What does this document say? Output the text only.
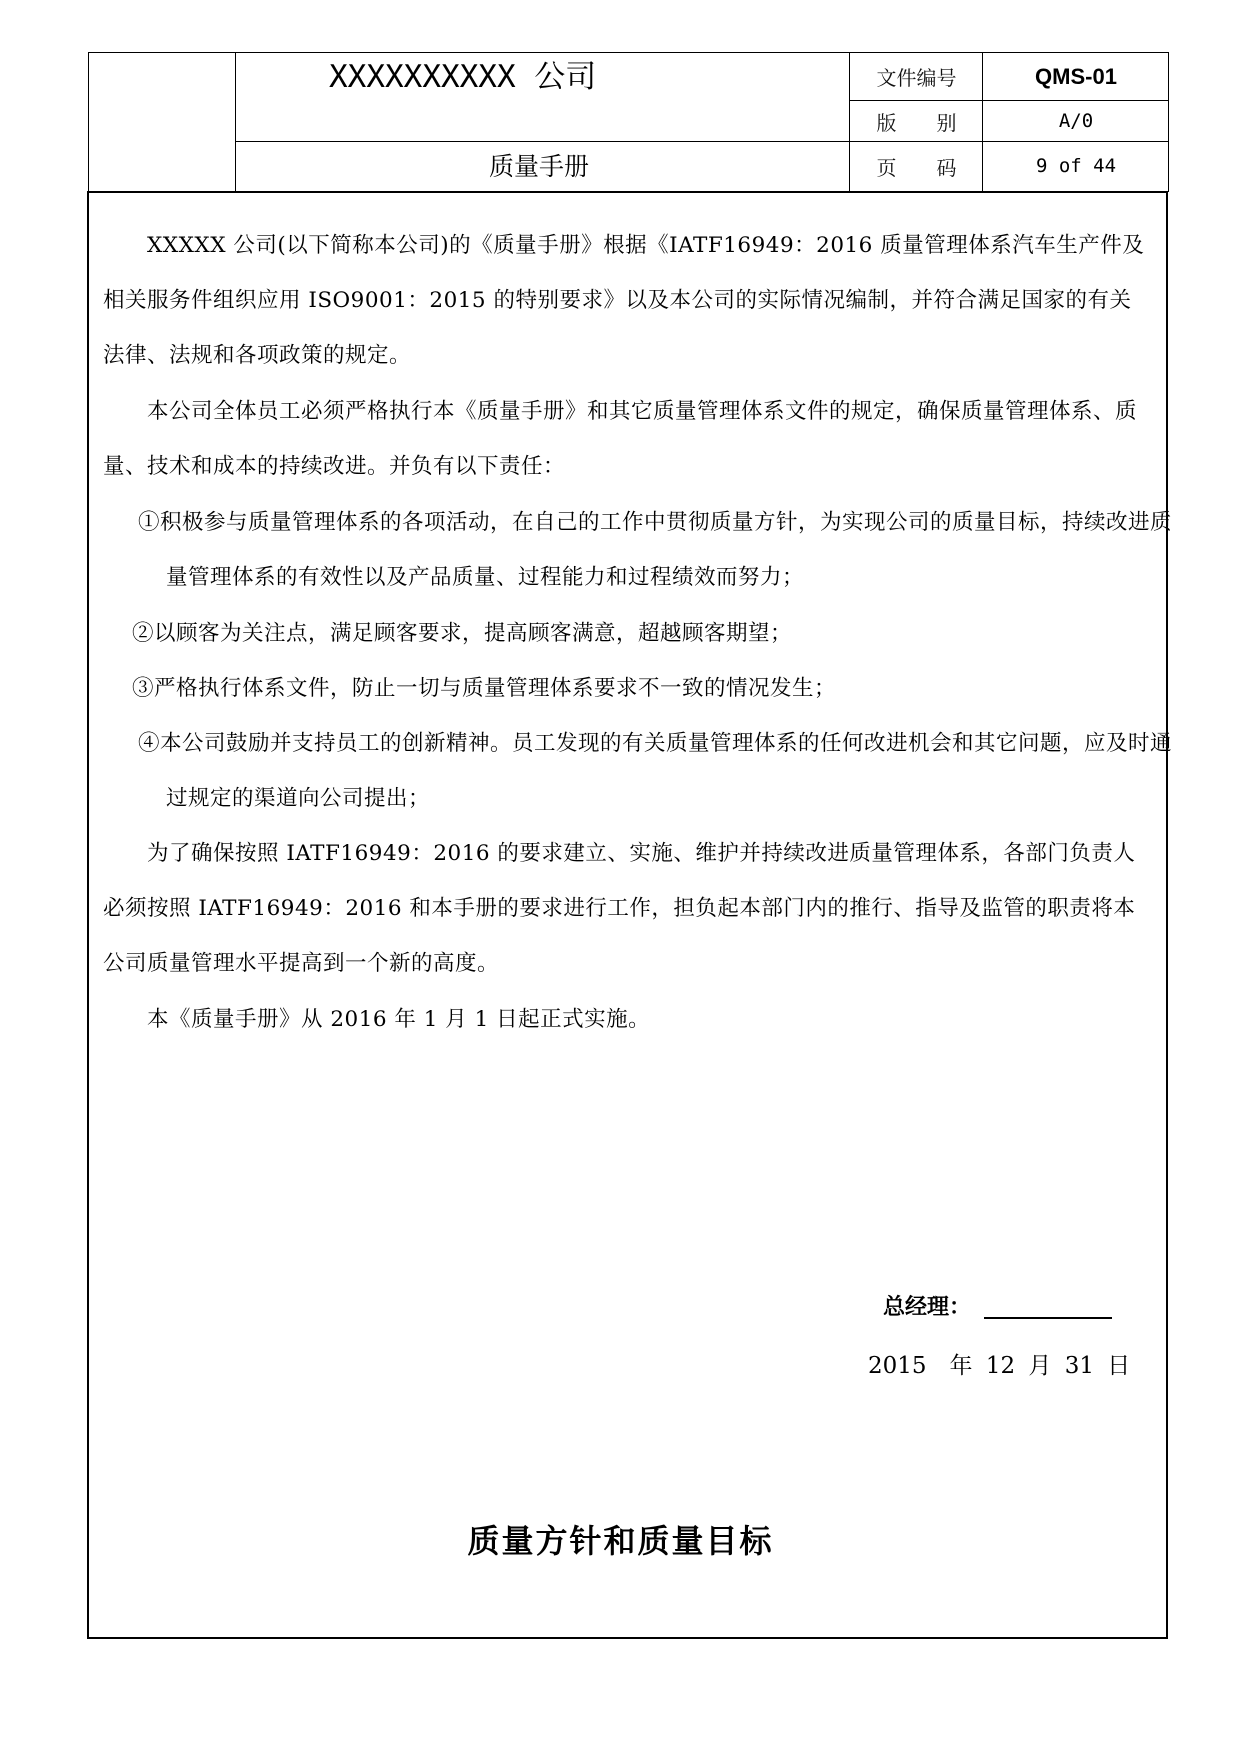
XXXXXXXXXX 公司
质量手册
文件编号	QMS-01
版　　别	A/0
页　　码	9 of 44
XXXXX 公司(以下简称本公司)的《质量手册》根据《IATF16949：2016 质量管理体系汽车生产件及相关服务件组织应用 ISO9001：2015 的特别要求》以及本公司的实际情况编制，并符合满足国家的有关法律、法规和各项政策的规定。
本公司全体员工必须严格执行本《质量手册》和其它质量管理体系文件的规定，确保质量管理体系、质量、技术和成本的持续改进。并负有以下责任：
①积极参与质量管理体系的各项活动，在自己的工作中贯彻质量方针，为实现公司的质量目标，持续改进质量管理体系的有效性以及产品质量、过程能力和过程绩效而努力；
②以顾客为关注点，满足顾客要求，提高顾客满意，超越顾客期望；
③严格执行体系文件，防止一切与质量管理体系要求不一致的情况发生；
④本公司鼓励并支持员工的创新精神。员工发现的有关质量管理体系的任何改进机会和其它问题，应及时通过规定的渠道向公司提出；
为了确保按照 IATF16949：2016 的要求建立、实施、维护并持续改进质量管理体系，各部门负责人必须按照 IATF16949：2016 和本手册的要求进行工作，担负起本部门内的推行、指导及监管的职责将本公司质量管理水平提高到一个新的高度。
本《质量手册》从 2016 年 1 月 1 日起正式实施。
总经理：
2015　年 12 月 31 日
质量方针和质量目标
